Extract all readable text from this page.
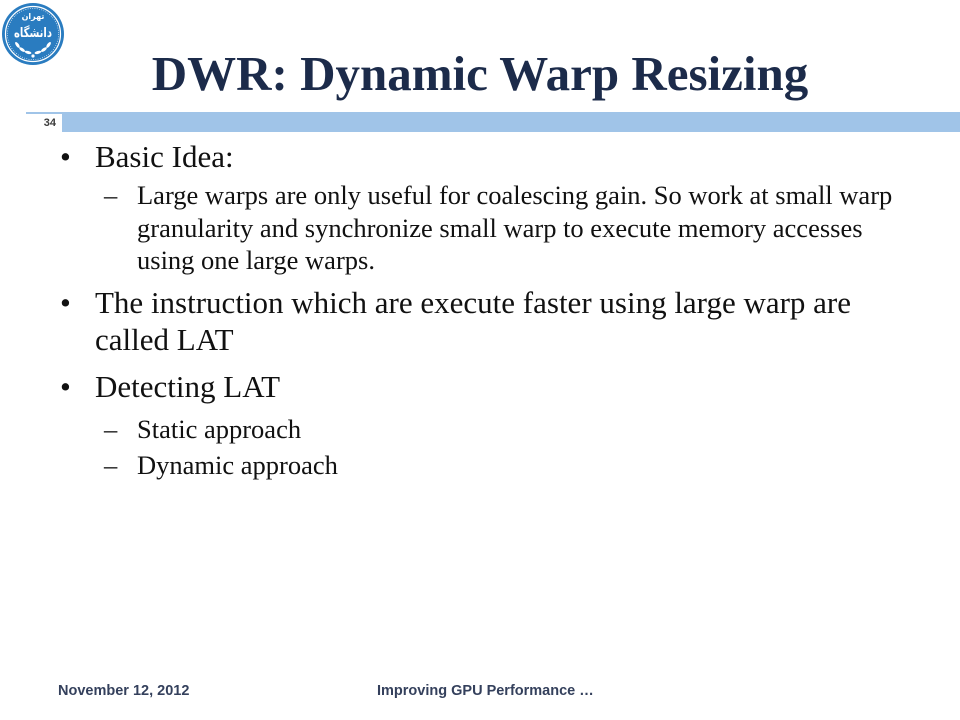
تهران
دانشگاه
DWR: Dynamic Warp Resizing
34
• Basic Idea:
– Large warps are only useful for coalescing gain. So work at small warp granularity and synchronize small warp to execute memory accesses using one large warps.
• The instruction which are execute faster using large warp are called LAT
• Detecting LAT
– Static approach
– Dynamic approach
November 12, 2012	Improving GPU Performance …
